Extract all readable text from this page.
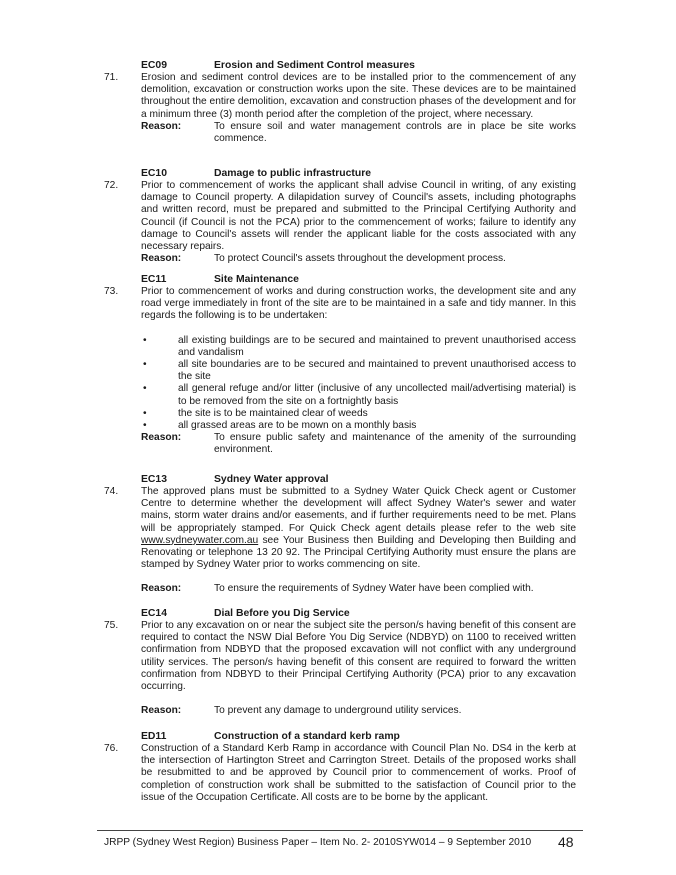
EC09	Erosion and Sediment Control measures
71. Erosion and sediment control devices are to be installed prior to the commencement of any demolition, excavation or construction works upon the site. These devices are to be maintained throughout the entire demolition, excavation and construction phases of the development and for a minimum three (3) month period after the completion of the project, where necessary.
Reason:	To ensure soil and water management controls are in place be site works commence.
EC10	Damage to public infrastructure
72. Prior to commencement of works the applicant shall advise Council in writing, of any existing damage to Council property. A dilapidation survey of Council's assets, including photographs and written record, must be prepared and submitted to the Principal Certifying Authority and Council (if Council is not the PCA) prior to the commencement of works; failure to identify any damage to Council's assets will render the applicant liable for the costs associated with any necessary repairs.
Reason:	To protect Council's assets throughout the development process.
EC11	Site Maintenance
73. Prior to commencement of works and during construction works, the development site and any road verge immediately in front of the site are to be maintained in a safe and tidy manner. In this regards the following is to be undertaken:
•	all existing buildings are to be secured and maintained to prevent unauthorised access and vandalism
•	all site boundaries are to be secured and maintained to prevent unauthorised access to the site
•	all general refuge and/or litter (inclusive of any uncollected mail/advertising material) is to be removed from the site on a fortnightly basis
•	the site is to be maintained clear of weeds
•	all grassed areas are to be mown on a monthly basis
Reason:	To ensure public safety and maintenance of the amenity of the surrounding environment.
EC13	Sydney Water approval
74. The approved plans must be submitted to a Sydney Water Quick Check agent or Customer Centre to determine whether the development will affect Sydney Water's sewer and water mains, storm water drains and/or easements, and if further requirements need to be met. Plans will be appropriately stamped. For Quick Check agent details please refer to the web site www.sydneywater.com.au see Your Business then Building and Developing then Building and Renovating or telephone 13 20 92. The Principal Certifying Authority must ensure the plans are stamped by Sydney Water prior to works commencing on site.
Reason:	To ensure the requirements of Sydney Water have been complied with.
EC14	Dial Before you Dig Service
75. Prior to any excavation on or near the subject site the person/s having benefit of this consent are required to contact the NSW Dial Before You Dig Service (NDBYD) on 1100 to received written confirmation from NDBYD that the proposed excavation will not conflict with any underground utility services. The person/s having benefit of this consent are required to forward the written confirmation from NDBYD to their Principal Certifying Authority (PCA) prior to any excavation occurring.
Reason:	To prevent any damage to underground utility services.
ED11	Construction of a standard kerb ramp
76. Construction of a Standard Kerb Ramp in accordance with Council Plan No. DS4 in the kerb at the intersection of Hartington Street and Carrington Street. Details of the proposed works shall be resubmitted to and be approved by Council prior to commencement of works. Proof of completion of construction work shall be submitted to the satisfaction of Council prior to the issue of the Occupation Certificate. All costs are to be borne by the applicant.
JRPP (Sydney West Region) Business Paper – Item No. 2- 2010SYW014 – 9 September 2010 48
